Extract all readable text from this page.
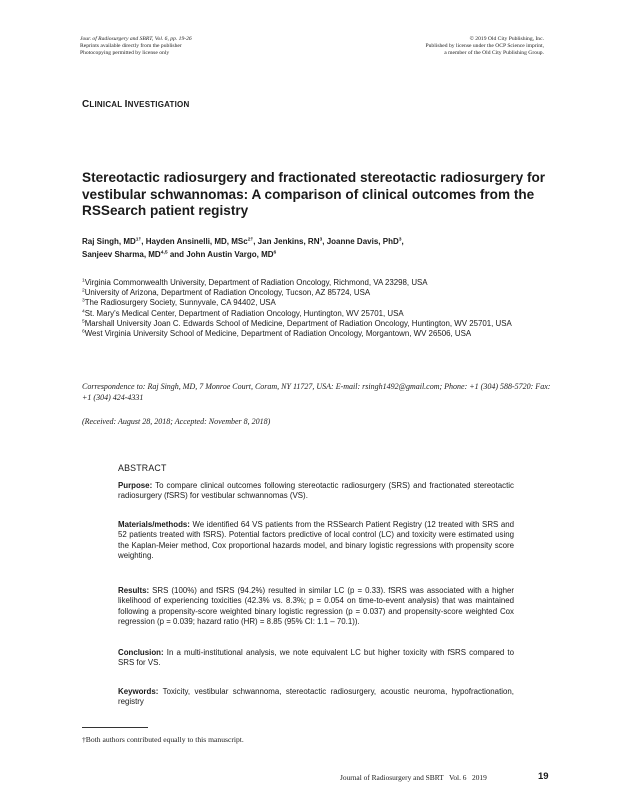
Jour. of Radiosurgery and SBRT, Vol. 6, pp. 19-26
Reprints available directly from the publisher
Photocopying permitted by license only
© 2019 Old City Publishing, Inc.
Published by license under the OCP Science imprint,
a member of the Old City Publishing Group.
CLINICAL INVESTIGATION
Stereotactic radiosurgery and fractionated stereotactic radiosurgery for vestibular schwannomas: A comparison of clinical outcomes from the RSSearch patient registry
Raj Singh, $MD^{1\dagger}$, Hayden Ansinelli, MD, MSc$^{2\dagger}$, Jan Jenkins, $RN^3$, Joanne Davis, PhD$^3$,
Sanjeev Sharma, MD$^{4,5}$ and John Austin Vargo, $MD^6$
$^1$Virginia Commonwealth University, Department of Radiation Oncology, Richmond, VA 23298, USA
$^2$University of Arizona, Department of Radiation Oncology, Tucson, AZ 85724, USA
$^3$The Radiosurgery Society, Sunnyvale, CA 94402, USA
$^4$St. Mary's Medical Center, Department of Radiation Oncology, Huntington, WV 25701, USA
$^5$Marshall University Joan C. Edwards School of Medicine, Department of Radiation Oncology, Huntington, WV 25701, USA
$^6$West Virginia University School of Medicine, Department of Radiation Oncology, Morgantown, WV 26506, USA
Correspondence to: Raj Singh, MD, 7 Monroe Court, Coram, NY 11727, USA: E-mail: rsingh1492@gmail.com; Phone: +1 (304) 588-5720: Fax: +1 (304) 424-4331
(Received: August 28, 2018; Accepted: November 8, 2018)
ABSTRACT
Purpose: To compare clinical outcomes following stereotactic radiosurgery (SRS) and fractionated stereotactic radiosurgery (fSRS) for vestibular schwannomas (VS).
Materials/methods: We identified 64 VS patients from the RSSearch Patient Registry (12 treated with SRS and 52 patients treated with fSRS). Potential factors predictive of local control (LC) and toxicity were estimated using the Kaplan-Meier method, Cox proportional hazards model, and binary logistic regressions with propensity score weighting.
Results: SRS (100%) and fSRS (94.2%) resulted in similar LC (p = 0.33). fSRS was associated with a higher likelihood of experiencing toxicities (42.3% vs. 8.3%; p = 0.054 on time-to-event analysis) that was maintained following a propensity-score weighted binary logistic regression (p = 0.037) and propensity-score weighted Cox regression (p = 0.039; hazard ratio (HR) = 8.85 (95% CI: 1.1 – 70.1)).
Conclusion: In a multi-institutional analysis, we note equivalent LC but higher toxicity with fSRS compared to SRS for VS.
Keywords: Toxicity, vestibular schwannoma, stereotactic radiosurgery, acoustic neuroma, hypofractionation, registry
†Both authors contributed equally to this manuscript.
Journal of Radiosurgery and SBRT   Vol. 6   2019	19
